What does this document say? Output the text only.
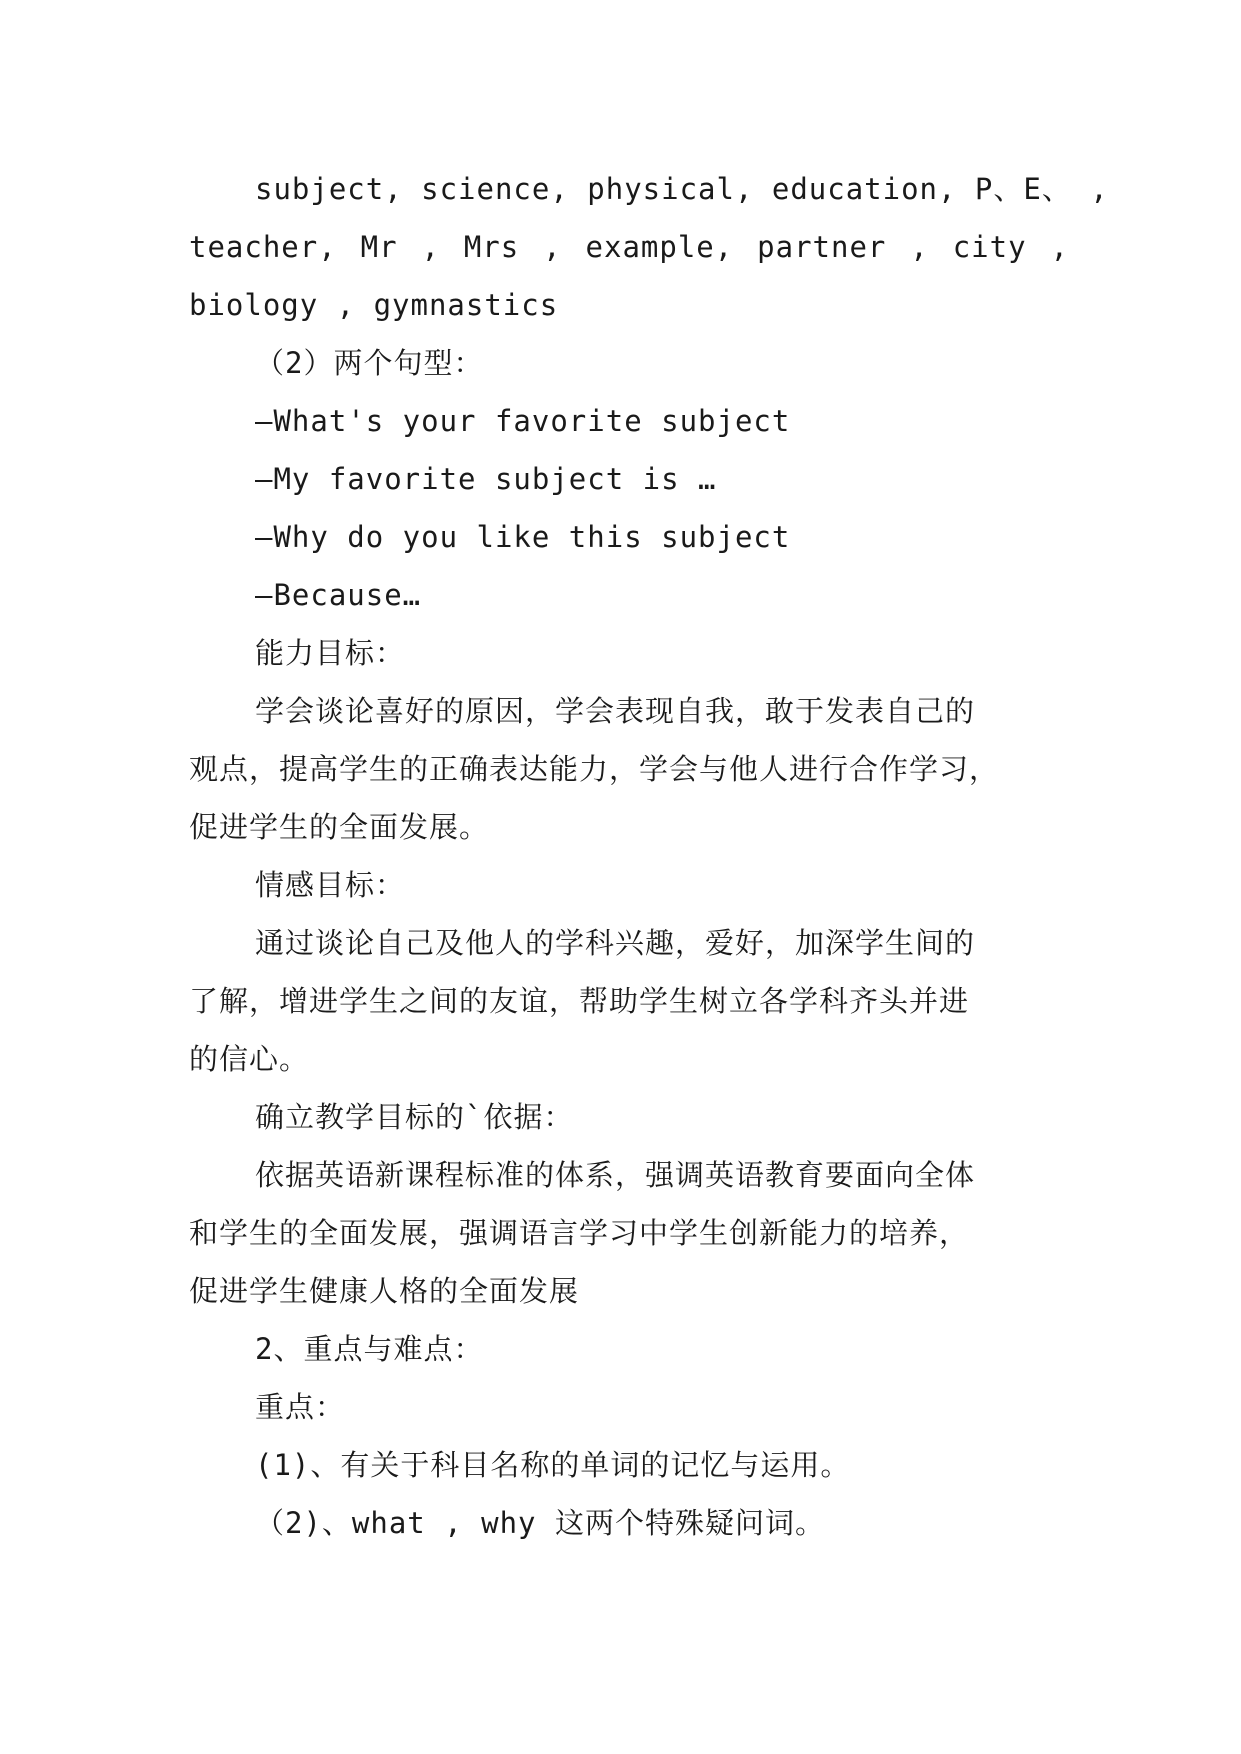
subject, science, physical, education, P、E、 ,
teacher, Mr , Mrs , example, partner , city ,
biology , gymnastics
（2）两个句型：
—What's your favorite subject
—My favorite subject is …
—Why do you like this subject
—Because…
能力目标：
学会谈论喜好的原因，学会表现自我，敢于发表自己的
观点，提高学生的正确表达能力，学会与他人进行合作学习，
促进学生的全面发展。
情感目标：
通过谈论自己及他人的学科兴趣，爱好，加深学生间的
了解，增进学生之间的友谊，帮助学生树立各学科齐头并进
的信心。
确立教学目标的`依据：
依据英语新课程标准的体系，强调英语教育要面向全体
和学生的全面发展，强调语言学习中学生创新能力的培养，
促进学生健康人格的全面发展
2、重点与难点：
重点：
(1)、有关于科目名称的单词的记忆与运用。
（2)、what , why 这两个特殊疑问词。
